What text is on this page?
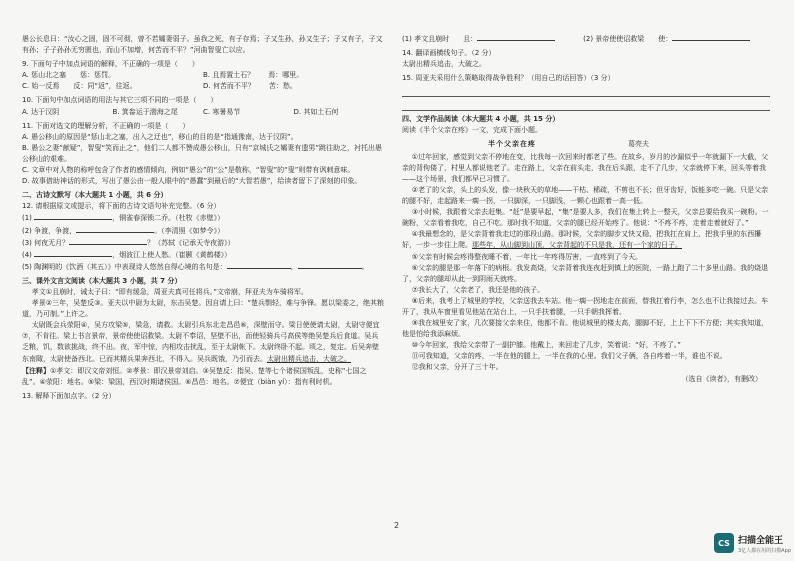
愚公长息曰：“汝心之固，固不可彻，曾不若孀妻弱子。虽我之死，有子存焉；子又生孙，孙又生子；子又有子，子又有孙；子子孙孙无穷匮也，而山不加增，何苦而不平？”河曲智叟亡以应。
9. 下面句子中加点词语的解释，不正确的一项是（　　）
A. 惩山北之塞　　惩：惩罚。	B. 且焉置土石？　　焉：哪里。
C. 始一反焉　　反：同“返”，往返。	D. 何苦而不平？　　苦：愁。
10. 下面句中加点词语的用法与其它三项不同的一项是（　　）
A. 达于汉阴	B. 箕畚运于渤海之尾	C. 寒暑易节	D. 其如土石何
11. 下面对选文的理解分析，不正确的一项是（　　）
A. 愚公移山的原因是“惩山北之塞，出入之迂也”，移山的目的是“指通豫南，达于汉阴”。
B. 愚公之妻“献疑”，智叟“笑而止之”，他们二人都不赞成愚公移山，只有“京城氏之孀妻有遗男”跳往助之，衬托出愚公移山的艰难。
C. 文章中对人物的称呼包含了作者的感情倾向，例如“愚公”的“公”是敬称，“智叟”的“叟”则带有讽刺意味。
D. 故事借助神话的形式，写出了愚公由一般人眼中的“愚蠢”到最后的“大智若愚”，给读者留下了深刻的印象。
二、古诗文默写（本大题共 1 小题，共 6 分）
12. 请根据原文或提示，将下面的古诗文语句补充完整。（6 分）
(1)	，铜雀春深锁二乔。（杜牧《赤壁》）
(2) 争渡，争渡，	。（李清照《如梦令》）
(3) 何夜无月？	？（苏轼《记承天寺夜游》）
(4)	，烟波江上使人愁。（崔颢《黄鹤楼》）
(5) 陶渊明的《饮酒（其五）》中表现诗人悠然自得心境的名句是：	，	。
三、课外文言文阅读（本大题共 3 小题，共 7 分）
孝文①且崩时，诫太子曰：“即有缓急，周亚夫真可任将兵。”文帝崩，拜亚夫为车骑将军。
孝景②三年，吴楚反③。亚夫以中尉为太尉，东击吴楚。因自请上曰：“楚兵剽轻，难与争锋。愿以梁委之，绝其粮道，乃可制。”上许之。
太尉既会兵荥阳④，吴方攻梁⑤，梁急，请救。太尉引兵东北走昌邑⑥，深壁而守。梁日使使请太尉，太尉守便宜⑦，不肯往。梁上书言景帝，景帝使使诏救梁。太尉不奉诏，坚壁不出，而使轻骑兵弓高侯等绝吴楚兵后食道。吴兵乏粮，饥，数欲挑战，终不出。夜，军中惊，内相攻击扰乱，至于太尉帐下。太尉终卧不起。顷之，复定。后吴奔壁东南陬，太尉使备西北。已而其精兵果奔西北，不得入。吴兵既饿，乃引而去。太尉出精兵追击，大破之。
【注释】①孝文：即汉文帝刘恒。②孝景：即汉景帝刘启。③吴楚反：指吴、楚等七个诸侯国叛乱，史称“七国之乱”。④荥阳：地名。⑤梁：梁国，西汉时期诸侯国。⑥昌邑：地名。⑦便宜（biàn yí）：指有利时机。
13. 解释下面加点字。（2 分）
(1) 孝文且崩时　　且：	(2) 景帝使使诏救梁　　使：
14. 翻译画横线句子。（2 分）
太尉出精兵追击，大破之。
15. 周亚夫采用什么策略取得战争胜利？（用自己的话回答）（3 分）
四、文学作品阅读（本大题共 4 小题，共 15 分）
阅读《半个父亲在疼》一文，完成下面小题。
半个父亲在疼	葛亮夫
①过年回家，感觉到父亲不停地在变，比我每一次回来时都老了些。在故乡，岁月的沙漏似乎一年就漏下一大截，父亲的背佝偻了，村里人都说他老了。走在路上，父亲在前头走，我在后头跟，走不了几步，父亲就停下来，回头等着我——这个场景，我们都早已习惯了。
②老了的父亲，头上的头发，像一块秋天的草地——干枯、稀疏，不剪也不长；但牙齿好，饭能多吃一碗。只是父亲的腿不好，走起路来一瘸一拐，一只脚深，一只脚浅，一颗心也跟着一高一低。
③小时候，我跟着父亲去赶集。“赶”是要早起，“集”是要人多，我们在集上转上一整天，父亲总要给我买一碗粉。一碗粉，父亲看着我吃，自己不吃。那时我不知道，父亲的腿已经开始疼了。他说：“不疼不疼，走着走着就好了。”
④我最想念的，是父亲背着我走过的那段山路。那时候，父亲的脚步又快又稳，把我扛在肩上，把我手里的东西攥好，一步一步往上爬。那些年，从山脚到山顶，父亲背起的不只是我，还有一个家的日子。
⑤父亲有时候会疼得整夜睡不着，一年比一年疼得厉害，一直疼到了今天。
⑥父亲的腿是那一年落下的病根。我发高烧，父亲背着我连夜赶到镇上的医院，一路上跑了二十多里山路。我的烧退了，父亲的腿却从此一到阴雨天就疼。
⑦我长大了，父亲老了，我还是他的孩子。
⑧后来，我考上了城里的学校，父亲送我去车站。他一瘸一拐地走在前面，替我扛着行李，怎么也不让我接过去。车开了，我从车窗里看见他站在站台上，一只手扶着腿，一只手朝我挥着。
⑨我在城里安了家，几次要接父亲来住，他都不肯。他说城里的楼太高，腿脚不好，上上下下不方便；其实我知道，他是怕给我添麻烦。
⑩今年回家，我给父亲带了一副护膝。他戴上，来回走了几步，笑着说：“好，不疼了。”
⑪可我知道，父亲的疼，一半在他的腿上，一半在我的心里。我们父子俩，各自疼着一半，谁也不说。
⑫我和父亲，分开了三十年。
（选自《读者》，有删改）
2
CS 扫描全能王
3亿人都在用的扫描App
